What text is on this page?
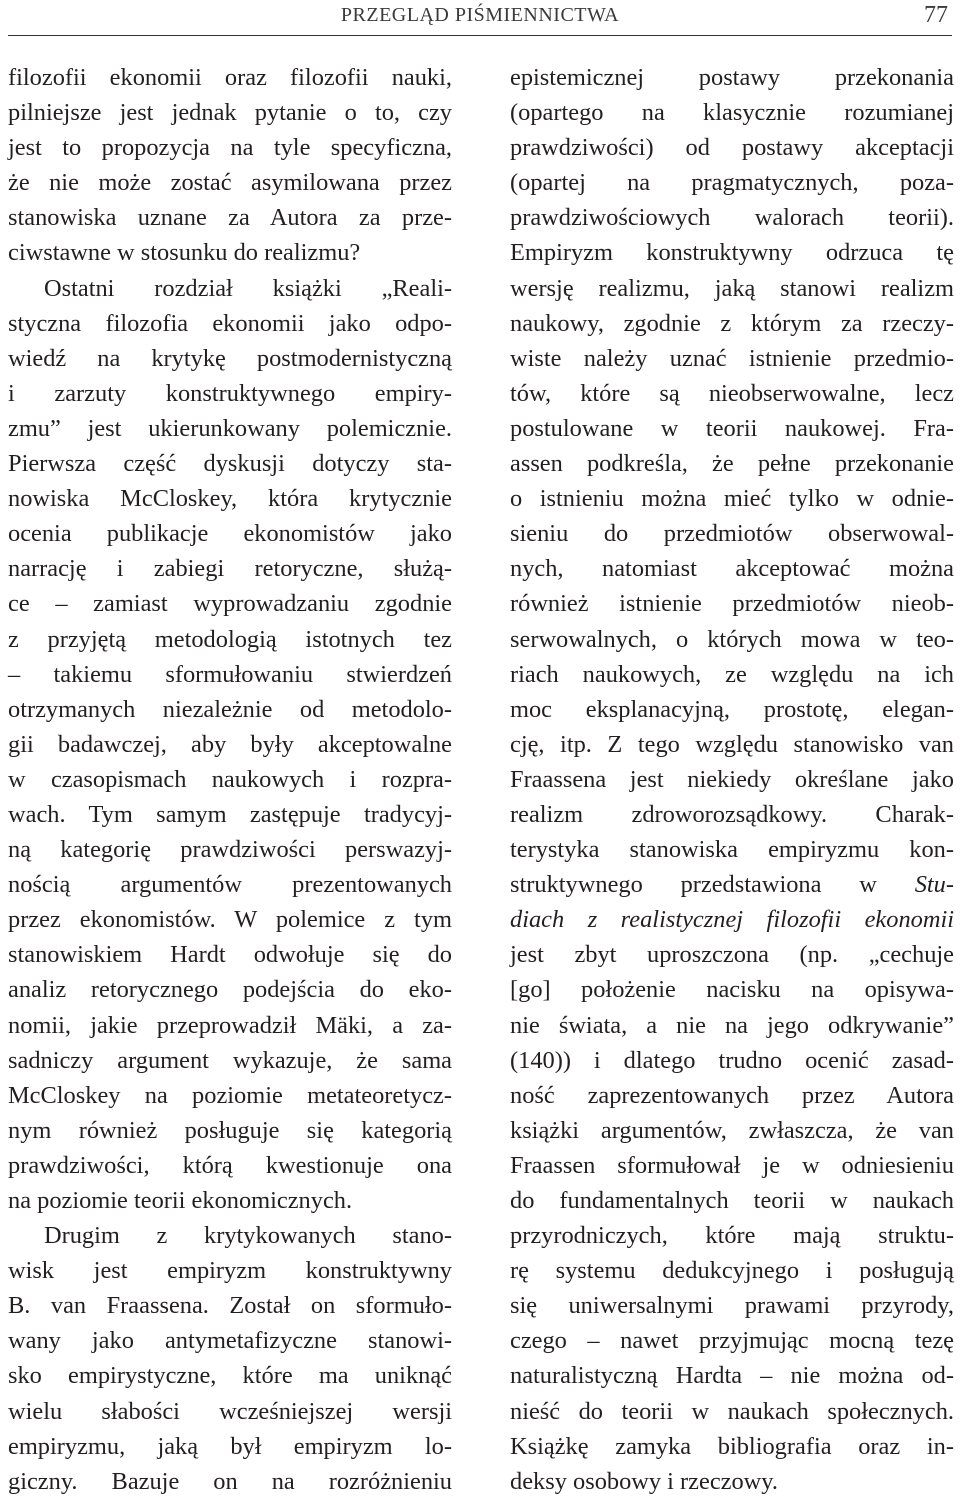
PRZEGLĄD PIŚMIENNICTWA	77
filozofii ekonomii oraz filozofii nauki,
pilniejsze jest jednak pytanie o to, czy
jest to propozycja na tyle specyficzna,
że nie może zostać asymilowana przez
stanowiska uznane za Autora za prze-
ciwstawne w stosunku do realizmu?
Ostatni rozdział książki „Reali-
styczna filozofia ekonomii jako odpo-
wiedź na krytykę postmodernistyczną
i zarzuty konstruktywnego empiry-
zmu” jest ukierunkowany polemicznie.
Pierwsza część dyskusji dotyczy sta-
nowiska McCloskey, która krytycznie
ocenia publikacje ekonomistów jako
narrację i zabiegi retoryczne, służą-
ce – zamiast wyprowadzaniu zgodnie
z przyjętą metodologią istotnych tez
– takiemu sformułowaniu stwierdzeń
otrzymanych niezależnie od metodolo-
gii badawczej, aby były akceptowalne
w czasopismach naukowych i rozpra-
wach. Tym samym zastępuje tradycyj-
ną kategorię prawdziwości perswazyj-
nością argumentów prezentowanych
przez ekonomistów. W polemice z tym
stanowiskiem Hardt odwołuje się do
analiz retorycznego podejścia do eko-
nomii, jakie przeprowadził Mäki, a za-
sadniczy argument wykazuje, że sama
McCloskey na poziomie metateoretycz-
nym również posługuje się kategorią
prawdziwości, którą kwestionuje ona
na poziomie teorii ekonomicznych.
Drugim z krytykowanych stano-
wisk jest empiryzm konstruktywny
B. van Fraassena. Został on sformuło-
wany jako antymetafizyczne stanowi-
sko empirystyczne, które ma uniknąć
wielu słabości wcześniejszej wersji
empiryzmu, jaką był empiryzm lo-
giczny. Bazuje on na rozróżnieniu
epistemicznej postawy przekonania
(opartego na klasycznie rozumianej
prawdziwości) od postawy akceptacji
(opartej na pragmatycznych, poza-
prawdziwościowych walorach teorii).
Empiryzm konstruktywny odrzuca tę
wersję realizmu, jaką stanowi realizm
naukowy, zgodnie z którym za rzeczy-
wiste należy uznać istnienie przedmio-
tów, które są nieobserwowalne, lecz
postulowane w teorii naukowej. Fra-
assen podkreśla, że pełne przekonanie
o istnieniu można mieć tylko w odnie-
sieniu do przedmiotów obserwowal-
nych, natomiast akceptować można
również istnienie przedmiotów nieob-
serwowalnych, o których mowa w teo-
riach naukowych, ze względu na ich
moc eksplanacyjną, prostotę, elegan-
cję, itp. Z tego względu stanowisko van
Fraassena jest niekiedy określane jako
realizm zdroworozsądkowy. Charak-
terystyka stanowiska empiryzmu kon-
struktywnego przedstawiona w Stu-
diach z realistycznej filozofii ekonomii
jest zbyt uproszczona (np. „cechuje
[go] położenie nacisku na opisywa-
nie świata, a nie na jego odkrywanie”
(140)) i dlatego trudno ocenić zasad-
ność zaprezentowanych przez Autora
książki argumentów, zwłaszcza, że van
Fraassen sformułował je w odniesieniu
do fundamentalnych teorii w naukach
przyrodniczych, które mają struktu-
rę systemu dedukcyjnego i posługują
się uniwersalnymi prawami przyrody,
czego – nawet przyjmując mocną tezę
naturalistyczną Hardta – nie można od-
nieść do teorii w naukach społecznych.
Książkę zamyka bibliografia oraz in-
deksy osobowy i rzeczowy.
